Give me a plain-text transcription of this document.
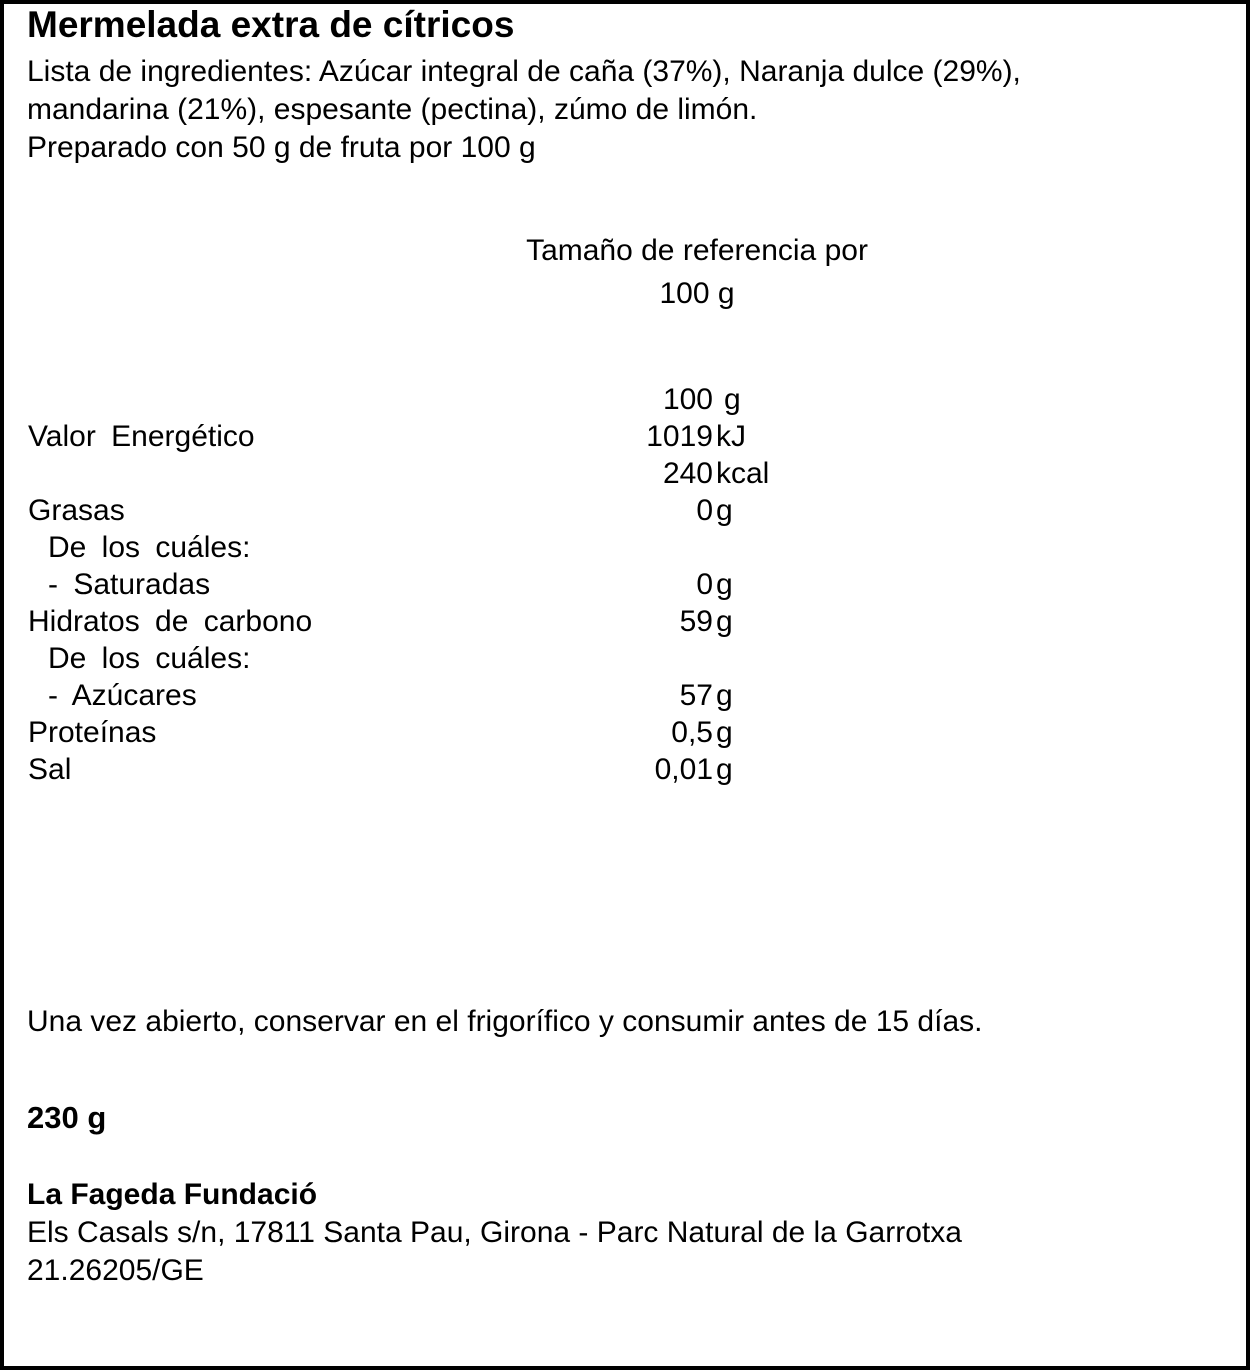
Mermelada extra de cítricos
Lista de ingredientes: Azúcar integral de caña (37%), Naranja dulce (29%),
mandarina (21%), espesante (pectina), zúmo de limón.
Preparado con 50 g de fruta por 100 g
Tamaño de referencia por
100 g
100 g
Valor Energético	1019 kJ
240 kcal
Grasas	0 g
De los cuáles:
- Saturadas	0 g
Hidratos de carbono	59 g
De los cuáles:
- Azúcares	57 g
Proteínas	0,5 g
Sal	0,01 g
Una vez abierto, conservar en el frigorífico y consumir antes de 15 días.
230 g
La Fageda Fundació
Els Casals s/n, 17811 Santa Pau, Girona - Parc Natural de la Garrotxa
21.26205/GE
